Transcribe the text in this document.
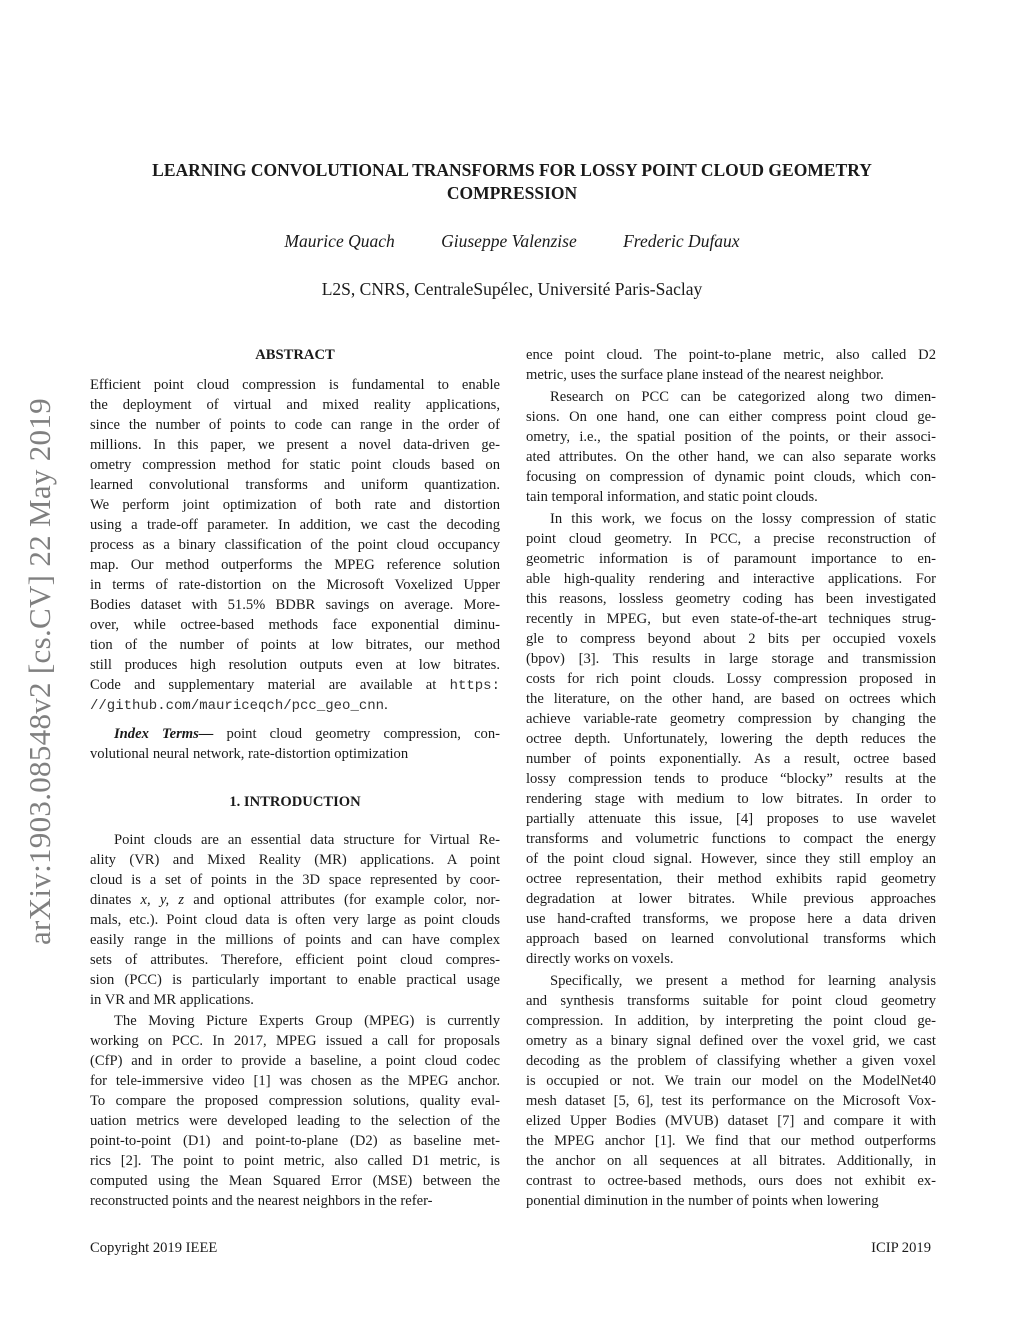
arXiv:1903.08548v2 [cs.CV] 22 May 2019
LEARNING CONVOLUTIONAL TRANSFORMS FOR LOSSY POINT CLOUD GEOMETRY
COMPRESSION
Maurice Quach	Giuseppe Valenzise	Frederic Dufaux
L2S, CNRS, CentraleSupélec, Université Paris-Saclay
ABSTRACT
Efficient point cloud compression is fundamental to enable
the deployment of virtual and mixed reality applications,
since the number of points to code can range in the order of
millions. In this paper, we present a novel data-driven ge-
ometry compression method for static point clouds based on
learned convolutional transforms and uniform quantization.
We perform joint optimization of both rate and distortion
using a trade-off parameter. In addition, we cast the decoding
process as a binary classification of the point cloud occupancy
map. Our method outperforms the MPEG reference solution
in terms of rate-distortion on the Microsoft Voxelized Upper
Bodies dataset with 51.5% BDBR savings on average. More-
over, while octree-based methods face exponential diminu-
tion of the number of points at low bitrates, our method
still produces high resolution outputs even at low bitrates.
Code and supplementary material are available at https:
//github.com/mauriceqch/pcc_geo_cnn.
Index Terms— point cloud geometry compression, con-
volutional neural network, rate-distortion optimization
1. INTRODUCTION
Point clouds are an essential data structure for Virtual Re-
ality (VR) and Mixed Reality (MR) applications. A point
cloud is a set of points in the 3D space represented by coor-
dinates x, y, z and optional attributes (for example color, nor-
mals, etc.). Point cloud data is often very large as point clouds
easily range in the millions of points and can have complex
sets of attributes. Therefore, efficient point cloud compres-
sion (PCC) is particularly important to enable practical usage
in VR and MR applications.
The Moving Picture Experts Group (MPEG) is currently
working on PCC. In 2017, MPEG issued a call for proposals
(CfP) and in order to provide a baseline, a point cloud codec
for tele-immersive video [1] was chosen as the MPEG anchor.
To compare the proposed compression solutions, quality eval-
uation metrics were developed leading to the selection of the
point-to-point (D1) and point-to-plane (D2) as baseline met-
rics [2]. The point to point metric, also called D1 metric, is
computed using the Mean Squared Error (MSE) between the
reconstructed points and the nearest neighbors in the refer-
ence point cloud. The point-to-plane metric, also called D2
metric, uses the surface plane instead of the nearest neighbor.
Research on PCC can be categorized along two dimen-
sions. On one hand, one can either compress point cloud ge-
ometry, i.e., the spatial position of the points, or their associ-
ated attributes. On the other hand, we can also separate works
focusing on compression of dynamic point clouds, which con-
tain temporal information, and static point clouds.
In this work, we focus on the lossy compression of static
point cloud geometry. In PCC, a precise reconstruction of
geometric information is of paramount importance to en-
able high-quality rendering and interactive applications. For
this reasons, lossless geometry coding has been investigated
recently in MPEG, but even state-of-the-art techniques strug-
gle to compress beyond about 2 bits per occupied voxels
(bpov) [3]. This results in large storage and transmission
costs for rich point clouds. Lossy compression proposed in
the literature, on the other hand, are based on octrees which
achieve variable-rate geometry compression by changing the
octree depth. Unfortunately, lowering the depth reduces the
number of points exponentially. As a result, octree based
lossy compression tends to produce “blocky” results at the
rendering stage with medium to low bitrates. In order to
partially attenuate this issue, [4] proposes to use wavelet
transforms and volumetric functions to compact the energy
of the point cloud signal. However, since they still employ an
octree representation, their method exhibits rapid geometry
degradation at lower bitrates. While previous approaches
use hand-crafted transforms, we propose here a data driven
approach based on learned convolutional transforms which
directly works on voxels.
Specifically, we present a method for learning analysis
and synthesis transforms suitable for point cloud geometry
compression. In addition, by interpreting the point cloud ge-
ometry as a binary signal defined over the voxel grid, we cast
decoding as the problem of classifying whether a given voxel
is occupied or not. We train our model on the ModelNet40
mesh dataset [5, 6], test its performance on the Microsoft Vox-
elized Upper Bodies (MVUB) dataset [7] and compare it with
the MPEG anchor [1]. We find that our method outperforms
the anchor on all sequences at all bitrates. Additionally, in
contrast to octree-based methods, ours does not exhibit ex-
ponential diminution in the number of points when lowering
Copyright 2019 IEEE	ICIP 2019
